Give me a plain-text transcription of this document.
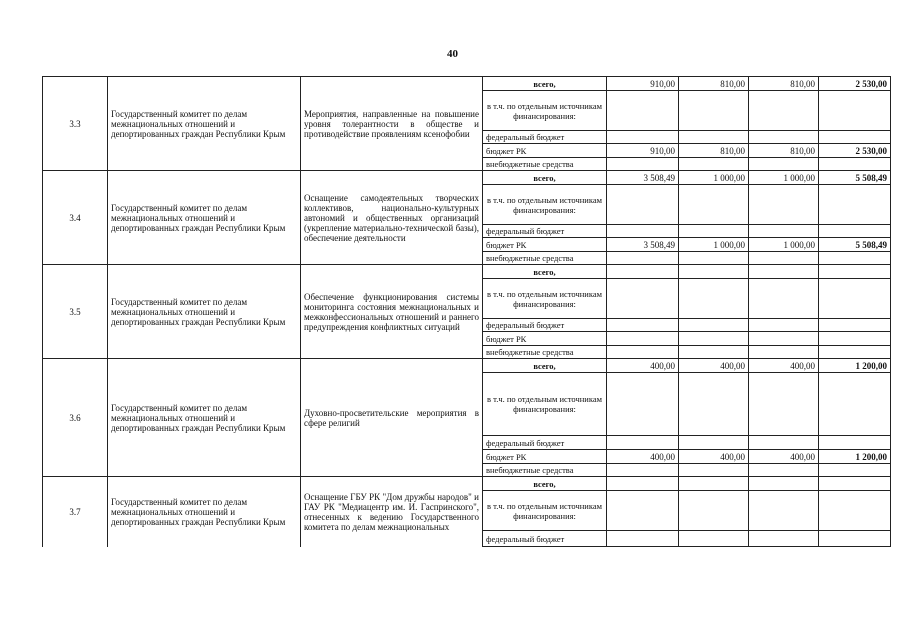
40
3.3	Государственный комитет по делам межнациональных отношений и депортированных граждан Республики Крым	Мероприятия, направленные на повышение уровня толерантности в обществе и противодействие проявлениям ксенофобии	всего,	910,00	810,00	810,00	2 530,00
			в т.ч. по отдельным источникам финансирования:				
			федеральный бюджет				
			бюджет РК	910,00	810,00	810,00	2 530,00
			внебюджетные средства				
3.4	Государственный комитет по делам межнациональных отношений и депортированных граждан Республики Крым	Оснащение самодеятельных творческих коллективов, национально-культурных автономий и общественных организаций (укрепление материально-технической базы), обеспечение деятельности	всего,	3 508,49	1 000,00	1 000,00	5 508,49
			в т.ч. по отдельным источникам финансирования:				
			федеральный бюджет				
			бюджет РК	3 508,49	1 000,00	1 000,00	5 508,49
			внебюджетные средства				
3.5	Государственный комитет по делам межнациональных отношений и депортированных граждан Республики Крым	Обеспечение функционирования системы мониторинга состояния межнациональных и межконфессиональных отношений и раннего предупреждения конфликтных ситуаций	всего,				
			в т.ч. по отдельным источникам финансирования:				
			федеральный бюджет				
			бюджет РК				
			внебюджетные средства				
3.6	Государственный комитет по делам межнациональных отношений и депортированных граждан Республики Крым	Духовно-просветительские мероприятия в сфере религий	всего,	400,00	400,00	400,00	1 200,00
			в т.ч. по отдельным источникам финансирования:				
			федеральный бюджет				
			бюджет РК	400,00	400,00	400,00	1 200,00
			внебюджетные средства				
3.7	Государственный комитет по делам межнациональных отношений и депортированных граждан Республики Крым	Оснащение ГБУ РК "Дом дружбы народов" и ГАУ РК "Медиацентр им. И. Гаспринского", отнесенных к ведению Государственного комитета по делам межнациональных	всего,				
			в т.ч. по отдельным источникам финансирования:				
			федеральный бюджет				
